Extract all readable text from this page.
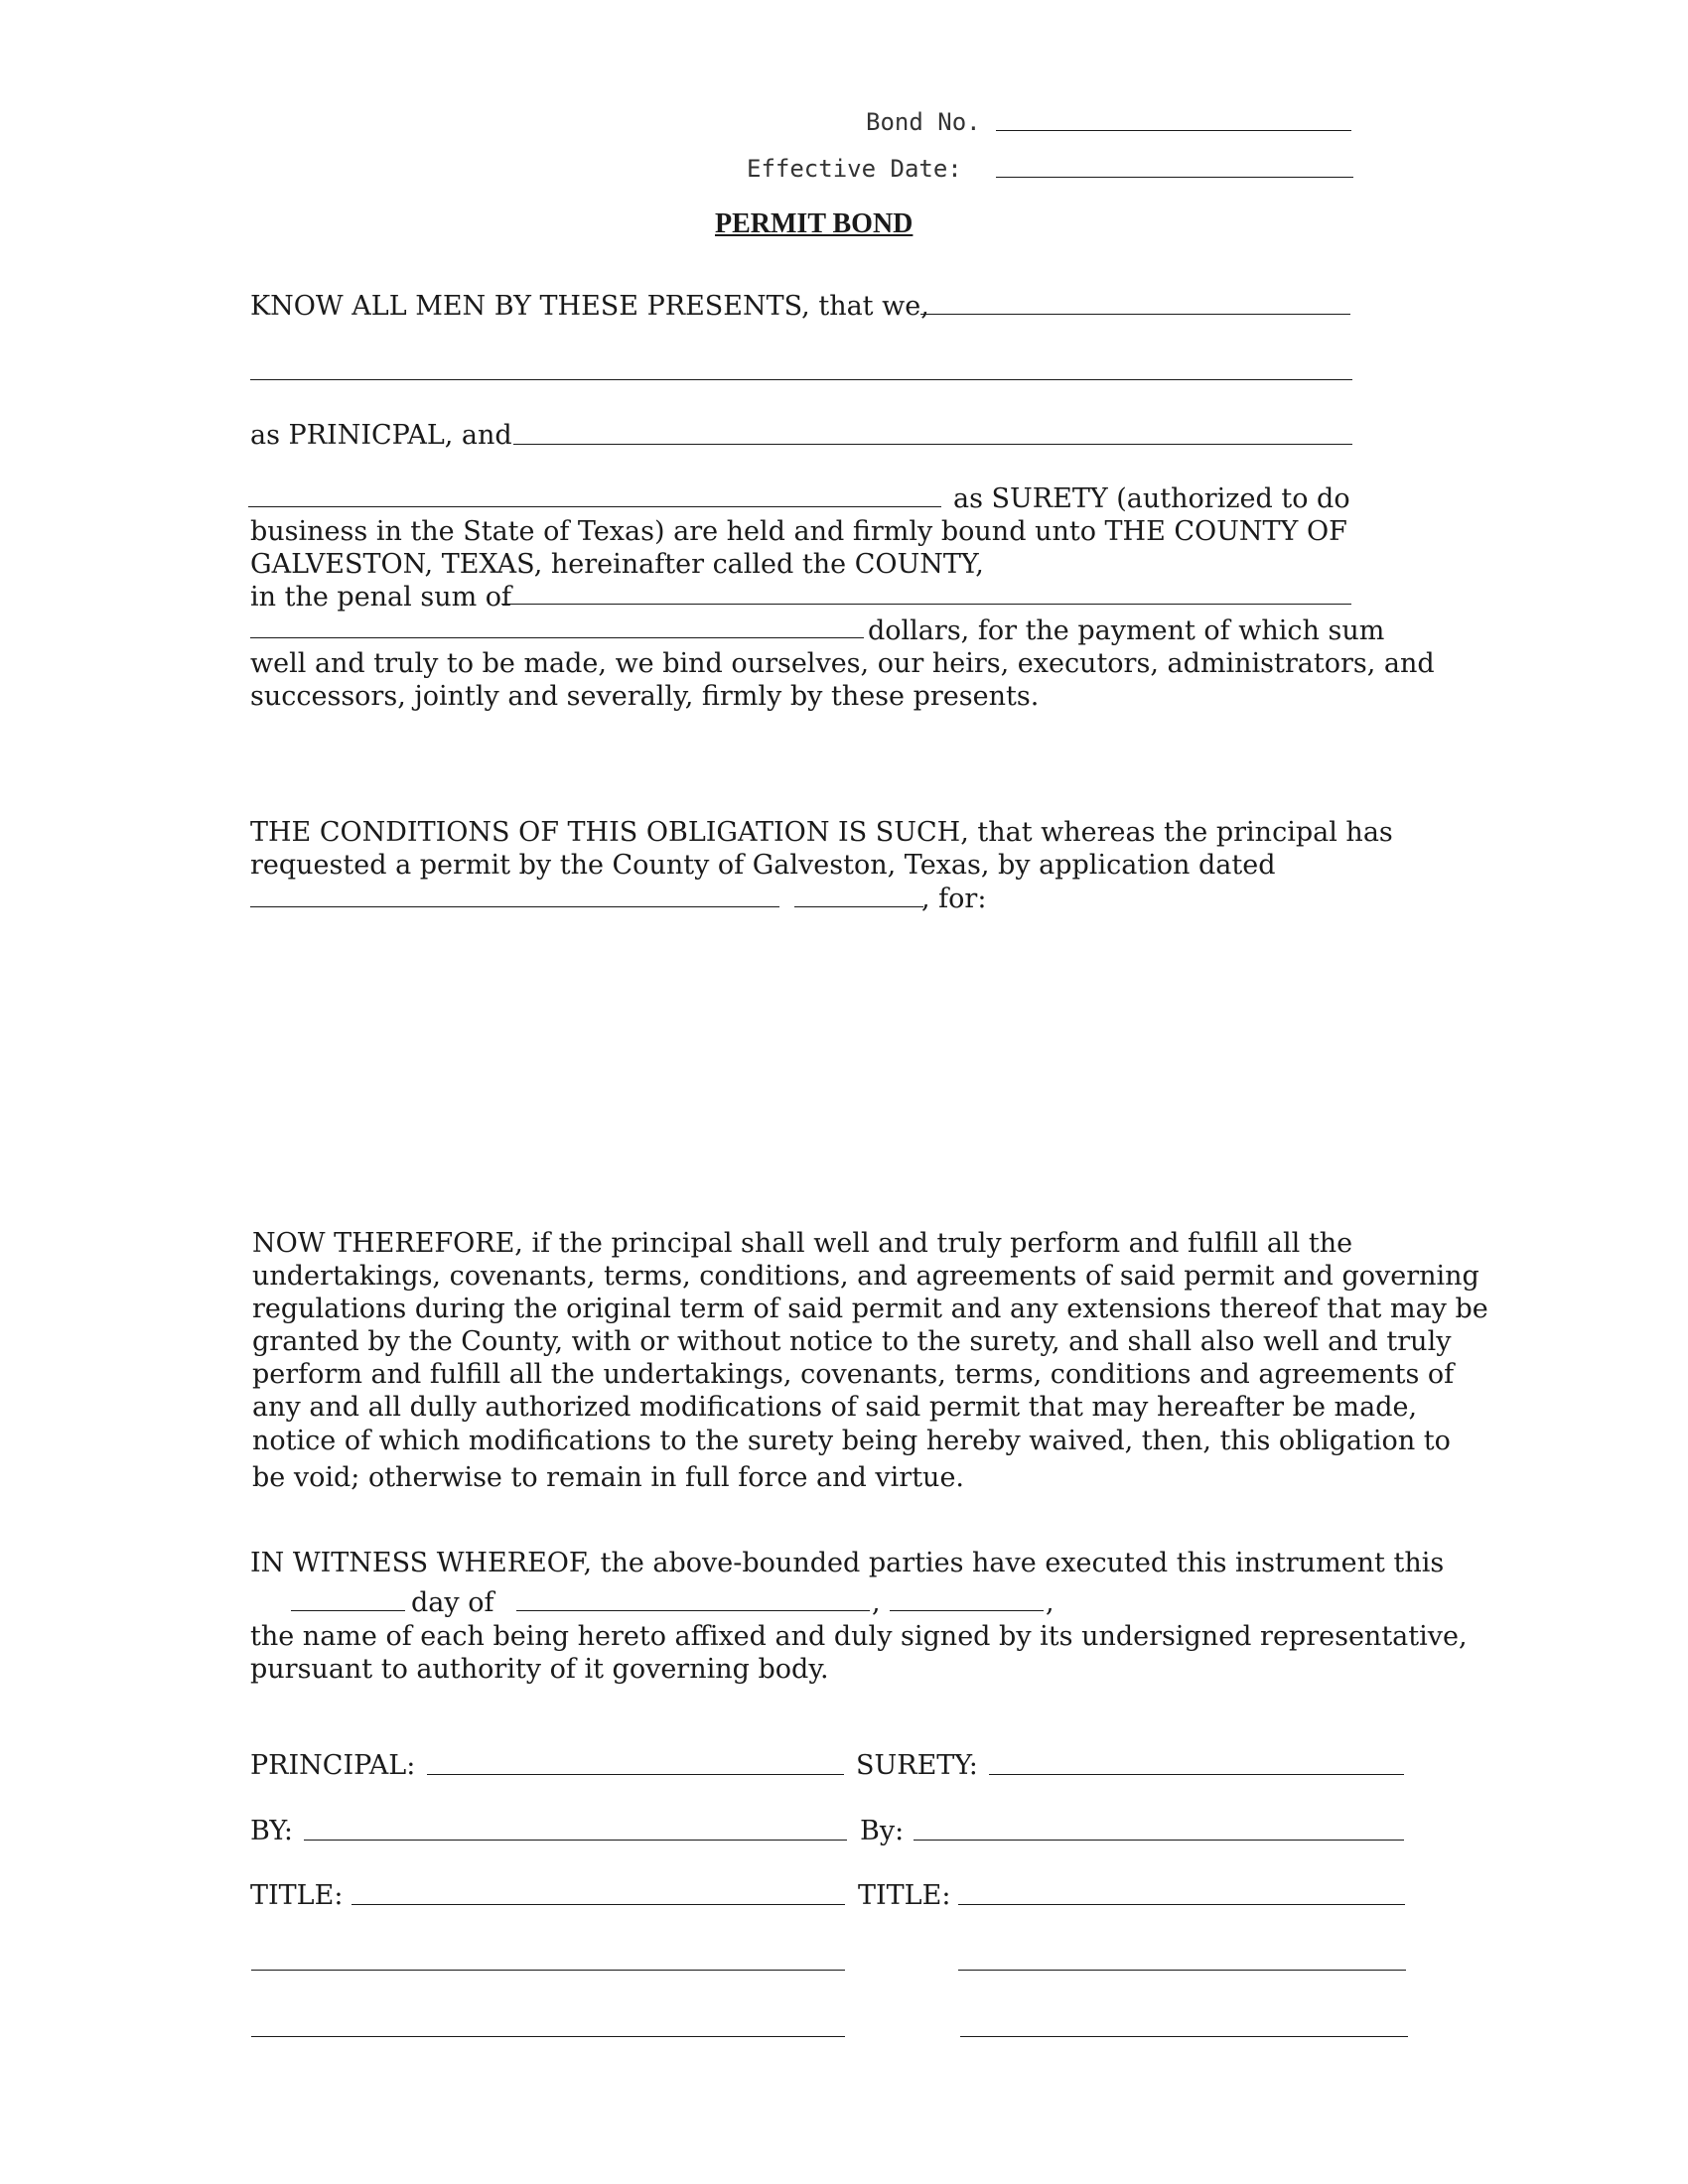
Bond No.
Effective Date:
PERMIT BOND
KNOW ALL MEN BY THESE PRESENTS, that we,
as PRINICPAL, and
as SURETY (authorized to do
business in the State of Texas) are held and firmly bound unto THE COUNTY OF
GALVESTON, TEXAS, hereinafter called the COUNTY,
in the penal sum of
dollars, for the payment of which sum
well and truly to be made, we bind ourselves, our heirs, executors, administrators, and
successors, jointly and severally, firmly by these presents.
THE CONDITIONS OF THIS OBLIGATION IS SUCH, that whereas the principal has
requested a permit by the County of Galveston, Texas, by application dated
, for:
NOW THEREFORE, if the principal shall well and truly perform and fulfill all the
undertakings, covenants, terms, conditions, and agreements of said permit and governing
regulations during the original term of said permit and any extensions thereof that may be
granted by the County, with or without notice to the surety, and shall also well and truly
perform and fulfill all the undertakings, covenants, terms, conditions and agreements of
any and all dully authorized modifications of said permit that may hereafter be made,
notice of which modifications to the surety being hereby waived, then, this obligation to
be void; otherwise to remain in full force and virtue.
IN WITNESS WHEREOF, the above-bounded parties have executed this instrument this
day of	,	,
the name of each being hereto affixed and duly signed by its undersigned representative,
pursuant to authority of it governing body.
PRINCIPAL:	SURETY:
BY:	By:
TITLE:	TITLE:
